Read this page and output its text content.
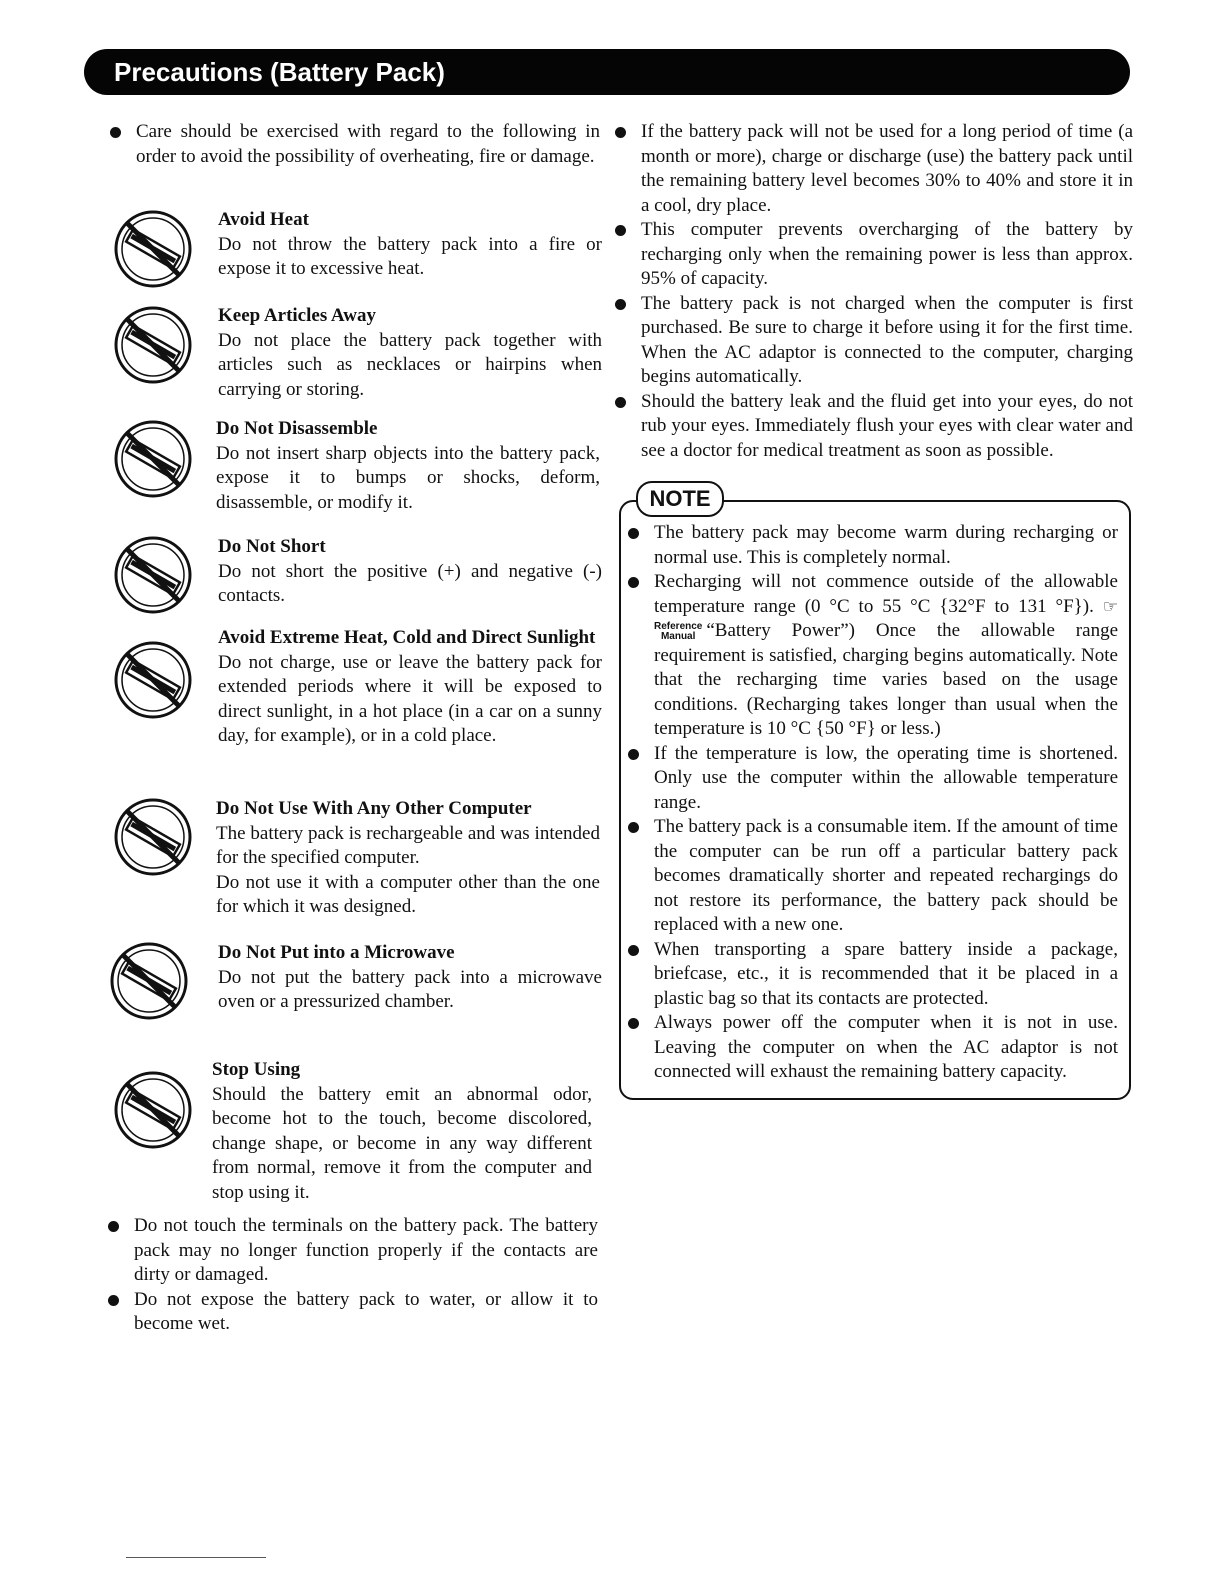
Precautions (Battery Pack)
Care should be exercised with regard to the following in order to avoid the possibility of overheating, fire or damage.
Avoid Heat
Do not throw the battery pack into a fire or expose it to excessive heat.
Keep Articles Away
Do not place the battery pack together with articles such as necklaces or hairpins when carrying or storing.
Do Not Disassemble
Do not insert sharp objects into the battery pack, expose it to bumps or shocks, deform, disassemble, or modify it.
Do Not Short
Do not short the positive (+) and negative (-) contacts.
Avoid Extreme Heat, Cold and Direct Sunlight
Do not charge, use or leave the battery pack for extended periods where it will be exposed to direct sunlight, in a hot place (in a car on a sunny day, for example), or in a cold place.
Do Not Use With Any Other Computer
The battery pack is rechargeable and was intended for the specified computer.
Do not use it with a computer other than the one for which it was designed.
Do Not Put into a Microwave
Do not put the battery pack into a microwave oven or a pressurized chamber.
Stop Using
Should the battery emit an abnormal odor, become hot to the touch, become discolored, change shape, or become in any way different from normal, remove it from the computer and stop using it.
Do not touch the terminals on the battery pack. The battery pack may no longer function properly if the contacts are dirty or damaged.
Do not expose the battery pack to water, or allow it to become wet.
If the battery pack will not be used for a long period of time (a month or more), charge or discharge (use) the battery pack until the remaining battery level becomes 30% to 40% and store it in a cool, dry place.
This computer prevents overcharging of the battery by recharging only when the remaining power is less than approx. 95% of capacity.
The battery pack is not charged when the computer is first purchased. Be sure to charge it before using it for the first time. When the AC adaptor is connected to the computer, charging begins automatically.
Should the battery leak and the fluid get into your eyes, do not rub your eyes. Immediately flush your eyes with clear water and see a doctor for medical treatment as soon as possible.
NOTE
The battery pack may become warm during recharging or normal use. This is completely normal.
Recharging will not commence outside of the allowable temperature range (0 °C to 55 °C {32°F to 131 °F}). ☞
Reference
Manual “Battery Power”) Once the allowable range requirement is satisfied, charging begins automatically. Note that the recharging time varies based on the usage conditions. (Recharging takes longer than usual when the temperature is 10 °C {50 °F} or less.)
If the temperature is low, the operating time is shortened. Only use the computer within the allowable temperature range.
The battery pack is a consumable item. If the amount of time the computer can be run off a particular battery pack becomes dramatically shorter and repeated rechargings do not restore its performance, the battery pack should be replaced with a new one.
When transporting a spare battery inside a package, briefcase, etc., it is recommended that it be placed in a plastic bag so that its contacts are protected.
Always power off the computer when it is not in use. Leaving the computer on when the AC adaptor is not connected will exhaust the remaining battery capacity.
